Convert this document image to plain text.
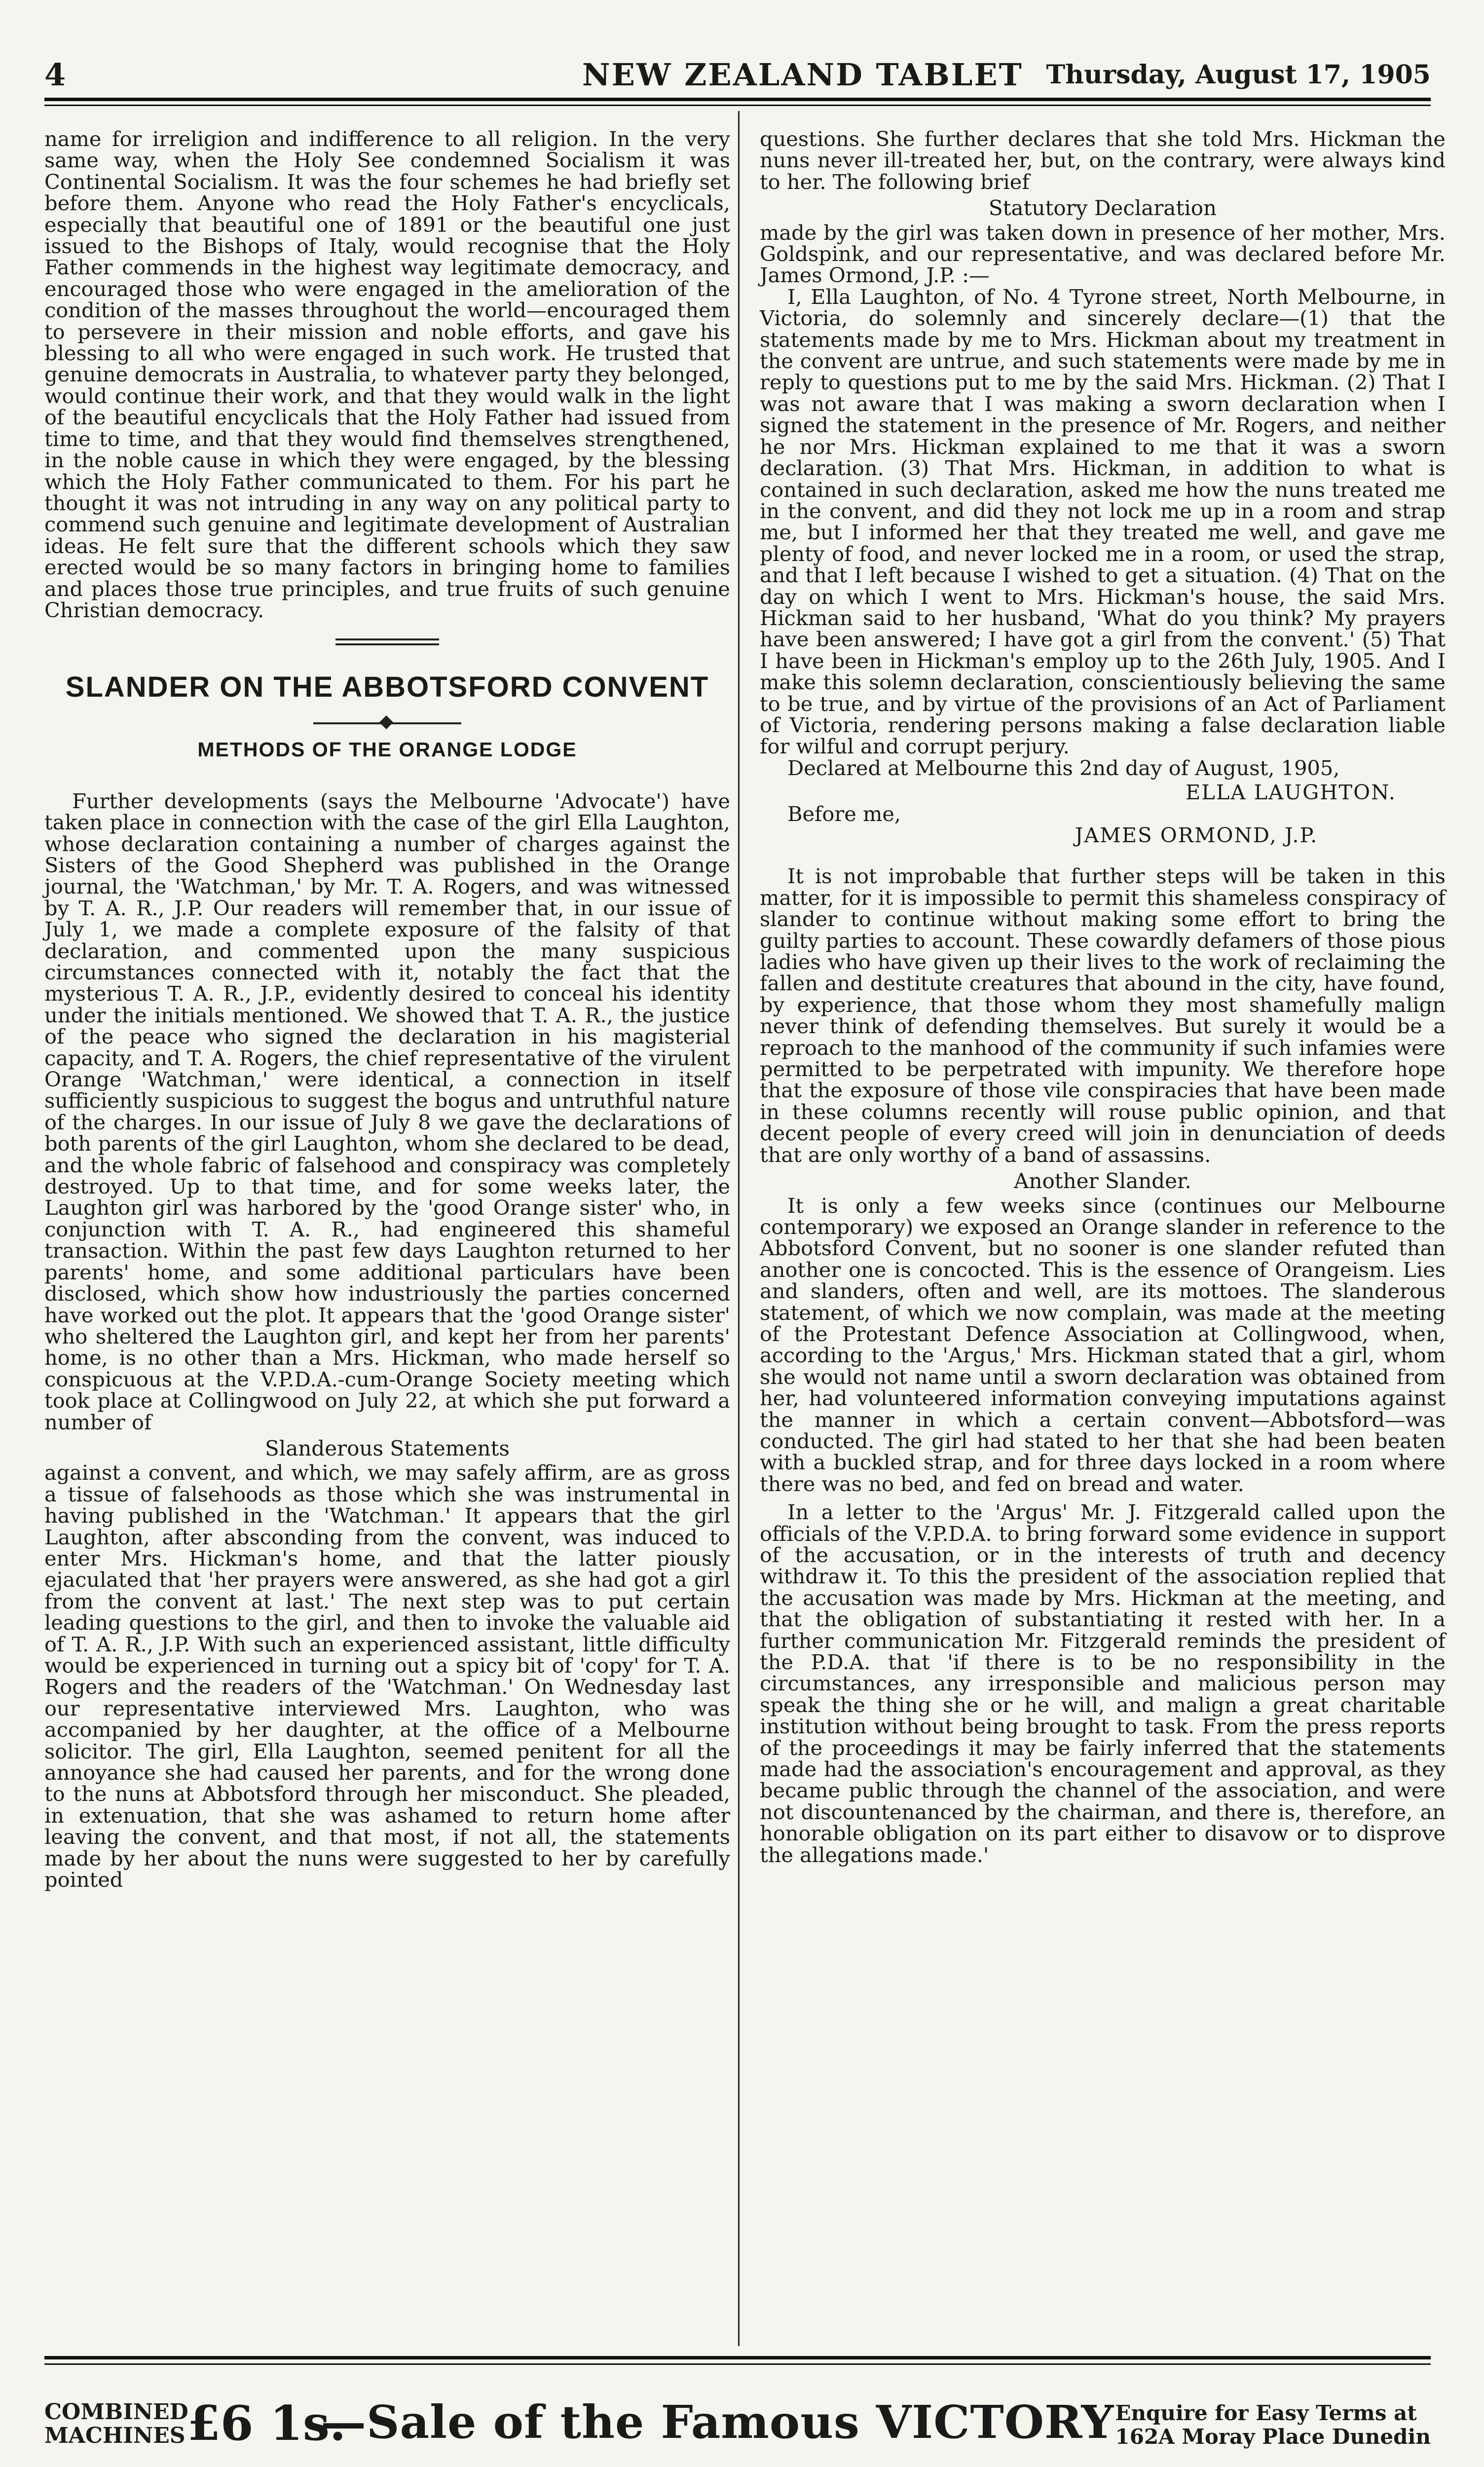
4	NEW ZEALAND TABLET Thursday, August 17, 1905

name for irreligion and indifference to all religion. In the very same way, when the Holy See condemned Socialism it was Continental Socialism. It was the four schemes he had briefly set before them. Anyone who read the Holy Father's encyclicals, especially that beautiful one of 1891 or the beautiful one just issued to the Bishops of Italy, would recognise that the Holy Father commends in the highest way legitimate democracy, and encouraged those who were engaged in the amelioration of the condition of the masses throughout the world—encouraged them to persevere in their mission and noble efforts, and gave his blessing to all who were engaged in such work. He trusted that genuine democrats in Australia, to whatever party they belonged, would continue their work, and that they would walk in the light of the beautiful encyclicals that the Holy Father had issued from time to time, and that they would find themselves strengthened, in the noble cause in which they were engaged, by the blessing which the Holy Father communicated to them. For his part he thought it was not intruding in any way on any political party to commend such genuine and legitimate development of Australian ideas. He felt sure that the different schools which they saw erected would be so many factors in bringing home to families and places those true principles, and true fruits of such genuine Christian democracy.

SLANDER ON THE ABBOTSFORD CONVENT
METHODS OF THE ORANGE LODGE

Further developments (says the Melbourne 'Advocate') have taken place in connection with the case of the girl Ella Laughton, whose declaration containing a number of charges against the Sisters of the Good Shepherd was published in the Orange journal, the 'Watchman,' by Mr. T. A. Rogers, and was witnessed by T. A. R., J.P. Our readers will remember that, in our issue of July 1, we made a complete exposure of the falsity of that declaration, and commented upon the many suspicious circumstances connected with it, notably the fact that the mysterious T. A. R., J.P., evidently desired to conceal his identity under the initials mentioned. We showed that T. A. R., the justice of the peace who signed the declaration in his magisterial capacity, and T. A. Rogers, the chief representative of the virulent Orange 'Watchman,' were identical, a connection in itself sufficiently suspicious to suggest the bogus and untruthful nature of the charges. In our issue of July 8 we gave the declarations of both parents of the girl Laughton, whom she declared to be dead, and the whole fabric of falsehood and conspiracy was completely destroyed. Up to that time, and for some weeks later, the Laughton girl was harbored by the 'good Orange sister' who, in conjunction with T. A. R., had engineered this shameful transaction. Within the past few days Laughton returned to her parents' home, and some additional particulars have been disclosed, which show how industriously the parties concerned have worked out the plot. It appears that the 'good Orange sister' who sheltered the Laughton girl, and kept her from her parents' home, is no other than a Mrs. Hickman, who made herself so conspicuous at the V.P.D.A.-cum-Orange Society meeting which took place at Collingwood on July 22, at which she put forward a number of

Slanderous Statements

against a convent, and which, we may safely affirm, are as gross a tissue of falsehoods as those which she was instrumental in having published in the 'Watchman.' It appears that the girl Laughton, after absconding from the convent, was induced to enter Mrs. Hickman's home, and that the latter piously ejaculated that 'her prayers were answered, as she had got a girl from the convent at last.' The next step was to put certain leading questions to the girl, and then to invoke the valuable aid of T. A. R., J.P. With such an experienced assistant, little difficulty would be experienced in turning out a spicy bit of 'copy' for T. A. Rogers and the readers of the 'Watchman.' On Wednesday last our representative interviewed Mrs. Laughton, who was accompanied by her daughter, at the office of a Melbourne solicitor. The girl, Ella Laughton, seemed penitent for all the annoyance she had caused her parents, and for the wrong done to the nuns at Abbotsford through her misconduct. She pleaded, in extenuation, that she was ashamed to return home after leaving the convent, and that most, if not all, the statements made by her about the nuns were suggested to her by carefully pointed

questions. She further declares that she told Mrs. Hickman the nuns never ill-treated her, but, on the contrary, were always kind to her. The following brief

Statutory Declaration

made by the girl was taken down in presence of her mother, Mrs. Goldspink, and our representative, and was declared before Mr. James Ormond, J.P. :—

I, Ella Laughton, of No. 4 Tyrone street, North Melbourne, in Victoria, do solemnly and sincerely declare—(1) that the statements made by me to Mrs. Hickman about my treatment in the convent are untrue, and such statements were made by me in reply to questions put to me by the said Mrs. Hickman. (2) That I was not aware that I was making a sworn declaration when I signed the statement in the presence of Mr. Rogers, and neither he nor Mrs. Hickman explained to me that it was a sworn declaration. (3) That Mrs. Hickman, in addition to what is contained in such declaration, asked me how the nuns treated me in the convent, and did they not lock me up in a room and strap me, but I informed her that they treated me well, and gave me plenty of food, and never locked me in a room, or used the strap, and that I left because I wished to get a situation. (4) That on the day on which I went to Mrs. Hickman's house, the said Mrs. Hickman said to her husband, 'What do you think? My prayers have been answered; I have got a girl from the convent.' (5) That I have been in Hickman's employ up to the 26th July, 1905. And I make this solemn declaration, conscientiously believing the same to be true, and by virtue of the provisions of an Act of Parliament of Victoria, rendering persons making a false declaration liable for wilful and corrupt perjury.

Declared at Melbourne this 2nd day of August, 1905,

ELLA LAUGHTON.

Before me,

JAMES ORMOND, J.P.

It is not improbable that further steps will be taken in this matter, for it is impossible to permit this shameless conspiracy of slander to continue without making some effort to bring the guilty parties to account. These cowardly defamers of those pious ladies who have given up their lives to the work of reclaiming the fallen and destitute creatures that abound in the city, have found, by experience, that those whom they most shamefully malign never think of defending themselves. But surely it would be a reproach to the manhood of the community if such infamies were permitted to be perpetrated with impunity. We therefore hope that the exposure of those vile conspiracies that have been made in these columns recently will rouse public opinion, and that decent people of every creed will join in denunciation of deeds that are only worthy of a band of assassins.

Another Slander.

It is only a few weeks since (continues our Melbourne contemporary) we exposed an Orange slander in reference to the Abbotsford Convent, but no sooner is one slander refuted than another one is concocted. This is the essence of Orangeism. Lies and slanders, often and well, are its mottoes. The slanderous statement, of which we now complain, was made at the meeting of the Protestant Defence Association at Collingwood, when, according to the 'Argus,' Mrs. Hickman stated that a girl, whom she would not name until a sworn declaration was obtained from her, had volunteered information conveying imputations against the manner in which a certain convent—Abbotsford—was conducted. The girl had stated to her that she had been beaten with a buckled strap, and for three days locked in a room where there was no bed, and fed on bread and water.

In a letter to the 'Argus' Mr. J. Fitzgerald called upon the officials of the V.P.D.A. to bring forward some evidence in support of the accusation, or in the interests of truth and decency withdraw it. To this the president of the association replied that the accusation was made by Mrs. Hickman at the meeting, and that the obligation of substantiating it rested with her. In a further communication Mr. Fitzgerald reminds the president of the P.D.A. that 'if there is to be no responsibility in the circumstances, any irresponsible and malicious person may speak the thing she or he will, and malign a great charitable institution without being brought to task. From the press reports of the proceedings it may be fairly inferred that the statements made had the association's encouragement and approval, as they became public through the channel of the association, and were not discountenanced by the chairman, and there is, therefore, an honorable obligation on its part either to disavow or to disprove the allegations made.'

COMBINED
MACHINES £6 1s.
—Sale of the Famous VICTORY Enquire for Easy Terms at
162A Moray Place Dunedin
